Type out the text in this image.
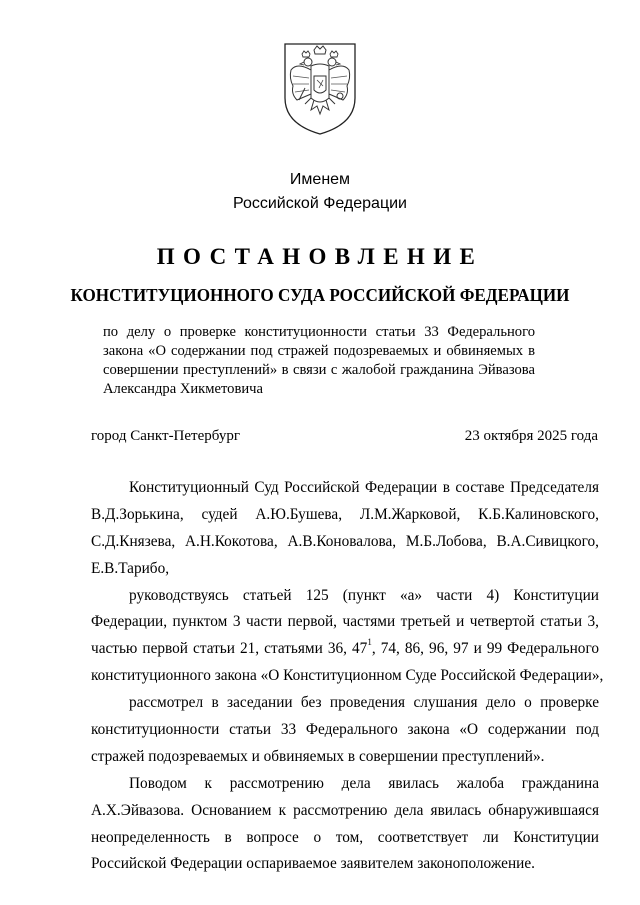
Именем
Российской Федерации
ПОСТАНОВЛЕНИЕ
КОНСТИТУЦИОННОГО СУДА РОССИЙСКОЙ ФЕДЕРАЦИИ
по делу о проверке конституционности статьи 33 Федерального
закона «О содержании под стражей подозреваемых и обвиняемых в
совершении преступлений» в связи с жалобой гражданина Эйвазова
Александра Хикметовича
город Санкт-Петербург	23 октября 2025 года
Конституционный Суд Российской Федерации в составе Председателя
В.Д.Зорькина, судей А.Ю.Бушева, Л.М.Жарковой, К.Б.Калиновского,
С.Д.Князева, А.Н.Кокотова, А.В.Коновалова, М.Б.Лобова, В.А.Сивицкого,
Е.В.Тарибо,
руководствуясь статьей 125 (пункт «а» части 4) Конституции
Федерации, пунктом 3 части первой, частями третьей и четвертой статьи 3,
частью первой статьи 21, статьями 36, $47^1$, 74, 86, 96, 97 и 99 Федерального
конституционного закона «О Конституционном Суде Российской Федерации»,
рассмотрел в заседании без проведения слушания дело о проверке
конституционности статьи 33 Федерального закона «О содержании под
стражей подозреваемых и обвиняемых в совершении преступлений».
Поводом к рассмотрению дела явилась жалоба гражданина
А.Х.Эйвазова. Основанием к рассмотрению дела явилась обнаружившаяся
неопределенность в вопросе о том, соответствует ли Конституции
Российской Федерации оспариваемое заявителем законоположение.
